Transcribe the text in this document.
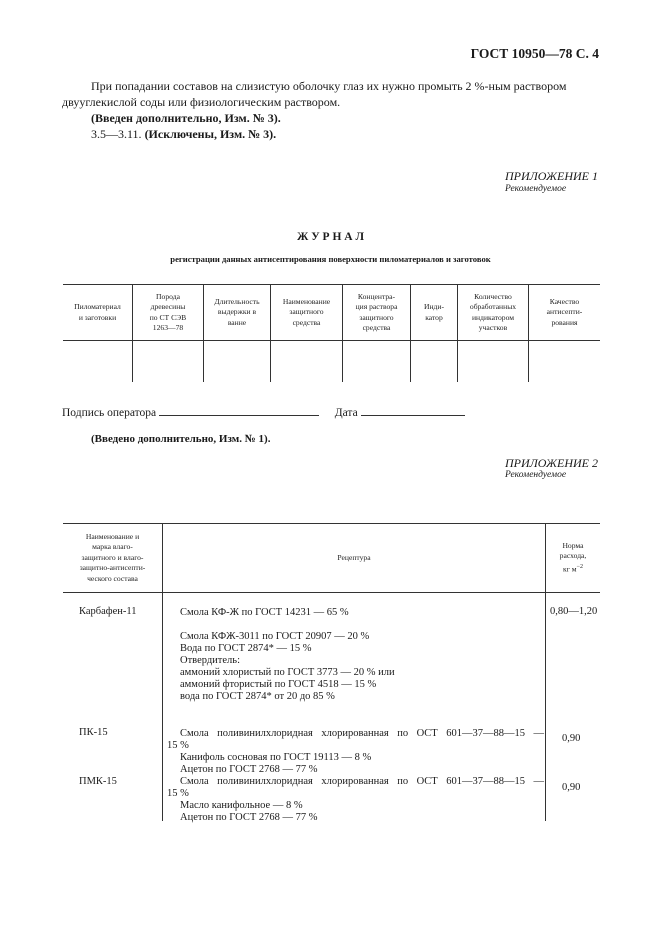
ГОСТ 10950—78 С. 4
При попадании составов на слизистую оболочку глаз их нужно промыть 2 %-ным раствором
двууглекислой соды или физиологическим раствором.
(Введен дополнительно, Изм. № 3).
3.5—3.11. (Исключены, Изм. № 3).
ПРИЛОЖЕНИЕ 1
Рекомендуемое
Ж У Р Н А Л
регистрации данных антисептирования поверхности пиломатериалов и заготовок
Пиломатериал
и заготовки
Порода
древесины
по СТ СЭВ
1263—78
Длительность
выдержки в
ванне
Наименование
защитного
средства
Концентра-
ция раствора
защитного
средства
Инди-
катор
Количество
обработанных
индикатором
участков
Качество
антисепти-
рования
Подпись оператора	Дата
(Введено дополнительно, Изм. № 1).
ПРИЛОЖЕНИЕ 2
Рекомендуемое
Наименование и
марка влаго-
защитного и влаго-
защитно-антисепти-
ческого состава
Рецептура
Норма
расхода,
кг $м^{-2}$
Карбафен-11	0,80—1,20
Смола КФ-Ж по ГОСТ 14231 — 65 %
Смола КФЖ-3011 по ГОСТ 20907 — 20 %
Вода по ГОСТ 2874* — 15 %
Отвердитель:
аммоний хлористый по ГОСТ 3773 — 20 % или
аммоний фтористый по ГОСТ 4518 — 15 %
вода по ГОСТ 2874* от 20 до 85 %
ПК-15
0,90
Смола поливинилхлоридная хлорированная по ОСТ 601—37—88—15 —
15 %
Канифоль сосновая по ГОСТ 19113 — 8 %
Ацетон по ГОСТ 2768 — 77 %
ПМК-15
0,90
Смола поливинилхлоридная хлорированная по ОСТ 601—37—88—15 —
15 %
Масло канифольное — 8 %
Ацетон по ГОСТ 2768 — 77 %
